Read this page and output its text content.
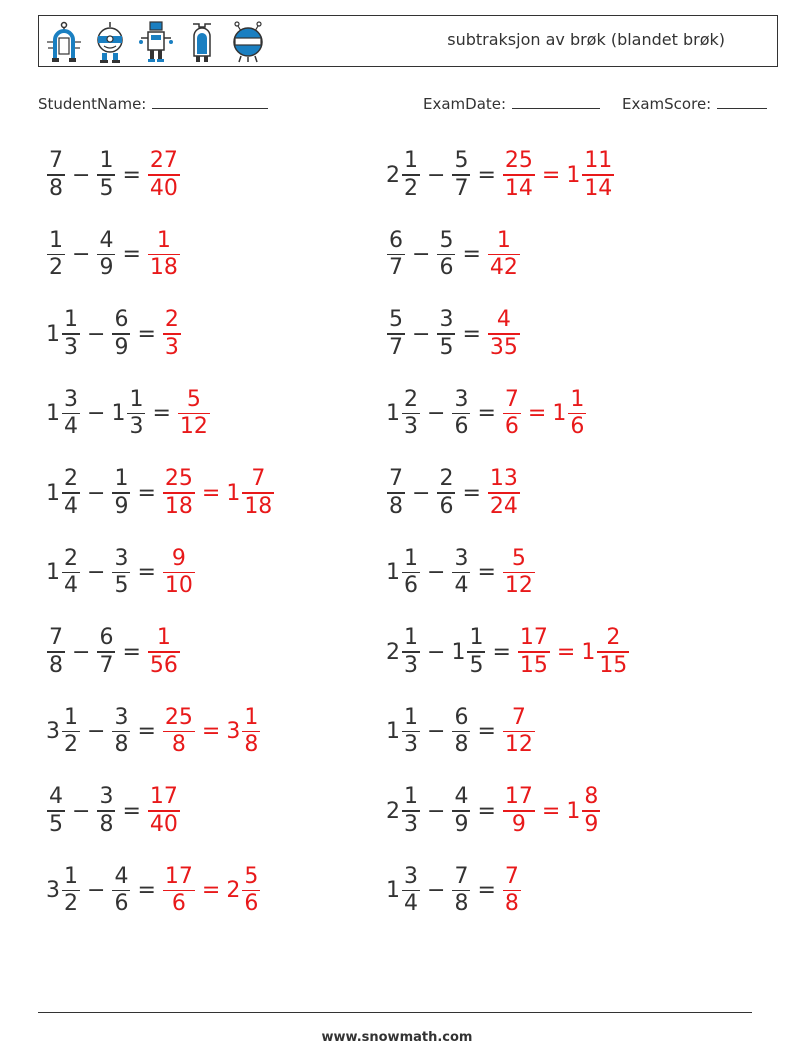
subtraksjon av brøk (blandet brøk)
StudentName:	ExamDate:	ExamScore:
$\frac{7}{8} - \frac{1}{5} = \frac{27}{40}$	$2 \frac{1}{2} - \frac{5}{7} = \frac{25}{14} = 1 \frac{11}{14}$
$\frac{1}{2} - \frac{4}{9} = \frac{1}{18}$	$\frac{6}{7} - \frac{5}{6} = \frac{1}{42}$
$1 \frac{1}{3} - \frac{6}{9} = \frac{2}{3}$	$\frac{5}{7} - \frac{3}{5} = \frac{4}{35}$
$1 \frac{3}{4} - 1 \frac{1}{3} = \frac{5}{12}$	$1 \frac{2}{3} - \frac{3}{6} = \frac{7}{6} = 1 \frac{1}{6}$
$1 \frac{2}{4} - \frac{1}{9} = \frac{25}{18} = 1 \frac{7}{18}$	$\frac{7}{8} - \frac{2}{6} = \frac{13}{24}$
$1 \frac{2}{4} - \frac{3}{5} = \frac{9}{10}$	$1 \frac{1}{6} - \frac{3}{4} = \frac{5}{12}$
$\frac{7}{8} - \frac{6}{7} = \frac{1}{56}$	$2 \frac{1}{3} - 1 \frac{1}{5} = \frac{17}{15} = 1 \frac{2}{15}$
$3 \frac{1}{2} - \frac{3}{8} = \frac{25}{8} = 3 \frac{1}{8}$	$1 \frac{1}{3} - \frac{6}{8} = \frac{7}{12}$
$\frac{4}{5} - \frac{3}{8} = \frac{17}{40}$	$2 \frac{1}{3} - \frac{4}{9} = \frac{17}{9} = 1 \frac{8}{9}$
$3 \frac{1}{2} - \frac{4}{6} = \frac{17}{6} = 2 \frac{5}{6}$	$1 \frac{3}{4} - \frac{7}{8} = \frac{7}{8}$
www.snowmath.com
